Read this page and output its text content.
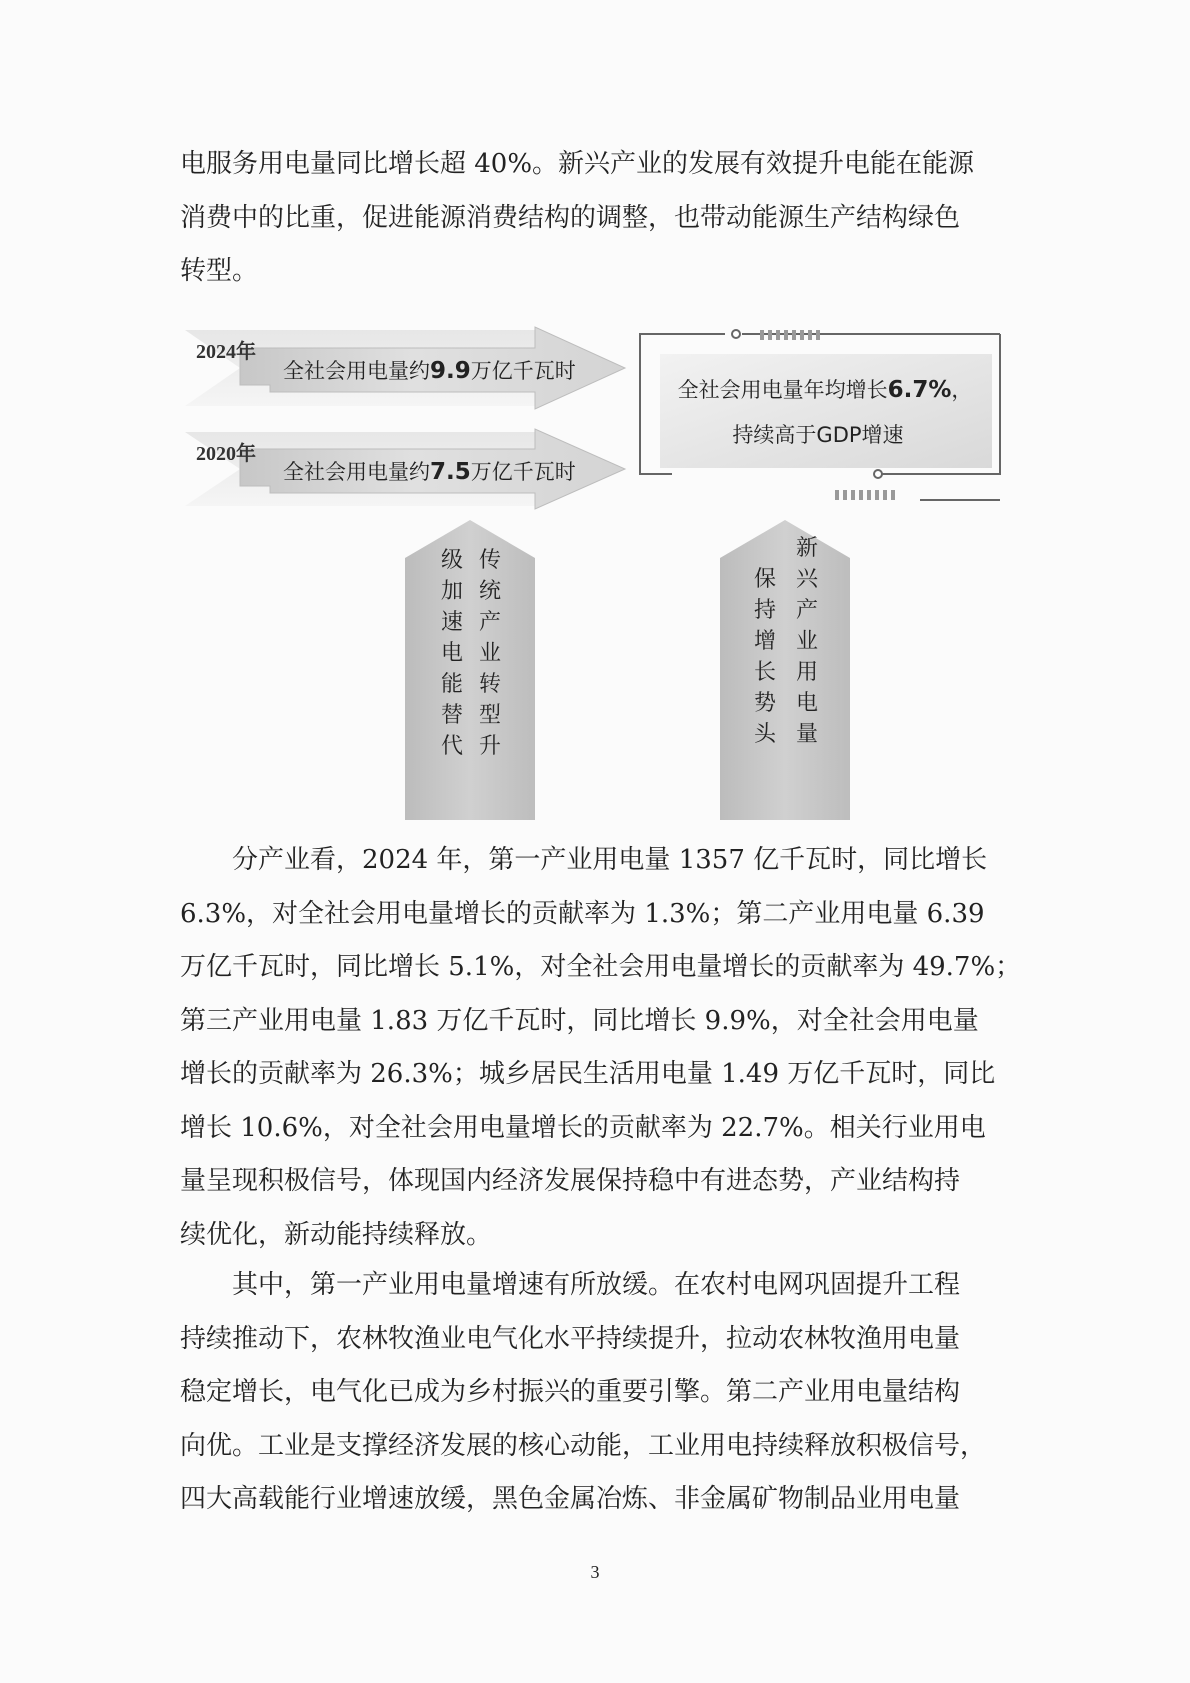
电服务用电量同比增长超 40%。新兴产业的发展有效提升电能在能源
消费中的比重，促进能源消费结构的调整，也带动能源生产结构绿色
转型。

2024年
全社会用电量约9.9万亿千瓦时
2020年
全社会用电量约7.5万亿千瓦时
全社会用电量年均增长6.7%，
持续高于GDP增速
传
统
产
业
转
型
升
级
加
速
电
能
替
代
新
兴
产
业
用
电
量
保
持
增
长
势
头

　　分产业看，2024 年，第一产业用电量 1357 亿千瓦时，同比增长
6.3%，对全社会用电量增长的贡献率为 1.3%；第二产业用电量 6.39
万亿千瓦时，同比增长 5.1%，对全社会用电量增长的贡献率为 49.7%；
第三产业用电量 1.83 万亿千瓦时，同比增长 9.9%，对全社会用电量
增长的贡献率为 26.3%；城乡居民生活用电量 1.49 万亿千瓦时，同比
增长 10.6%，对全社会用电量增长的贡献率为 22.7%。相关行业用电
量呈现积极信号，体现国内经济发展保持稳中有进态势，产业结构持
续优化，新动能持续释放。

　　其中，第一产业用电量增速有所放缓。在农村电网巩固提升工程
持续推动下，农林牧渔业电气化水平持续提升，拉动农林牧渔用电量
稳定增长，电气化已成为乡村振兴的重要引擎。第二产业用电量结构
向优。工业是支撑经济发展的核心动能，工业用电持续释放积极信号，
四大高载能行业增速放缓，黑色金属冶炼、非金属矿物制品业用电量

3
